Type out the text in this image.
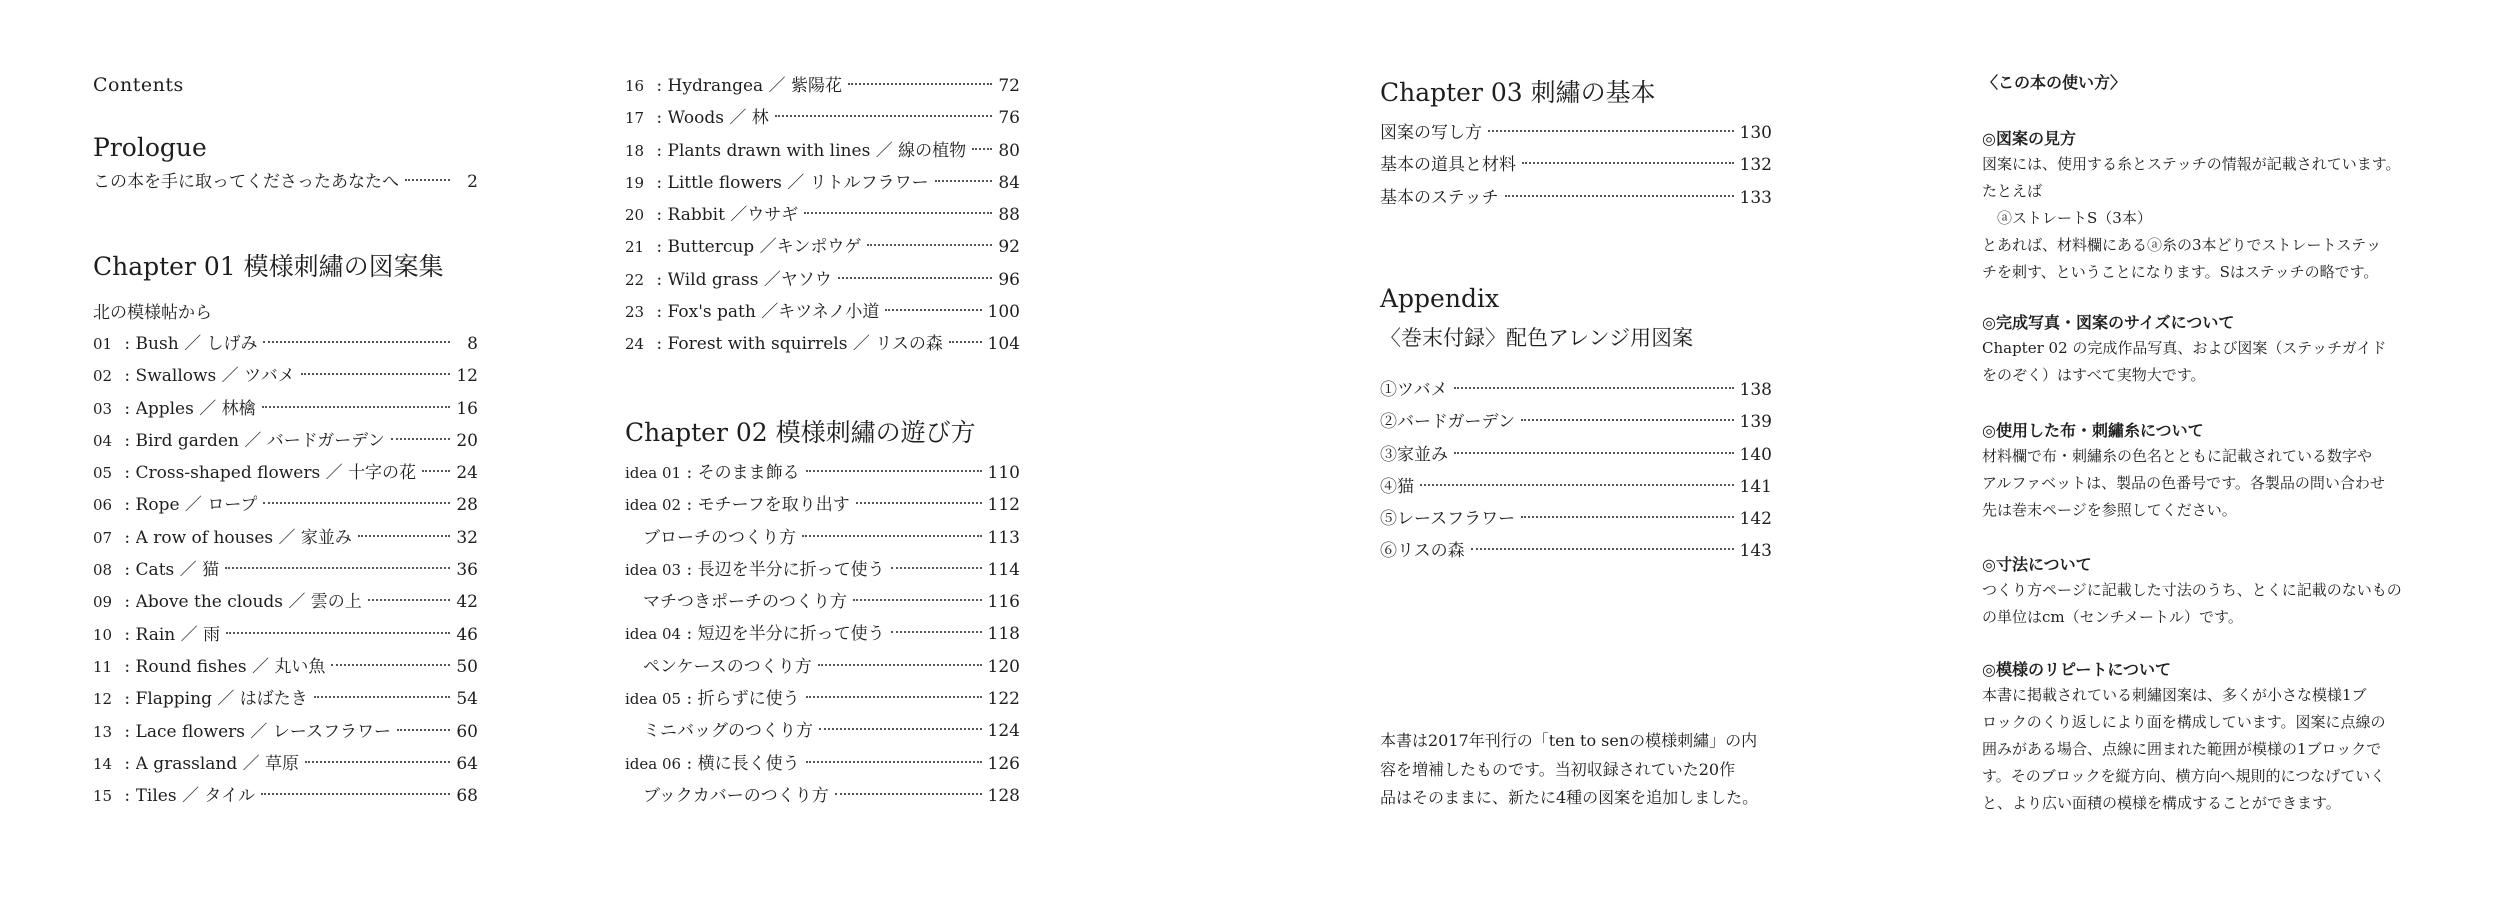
Contents
Prologue
この本を手に取ってくださったあなたへ	2
Chapter 01 模様刺繡の図案集
北の模様帖から
01 : Bush ／ しげみ	8
02 : Swallows ／ ツバメ	12
03 : Apples ／ 林檎	16
04 : Bird garden ／ バードガーデン	20
05 : Cross-shaped flowers ／ 十字の花 24
06 : Rope ／ ロープ	28
07 : A row of houses ／ 家並み	32
08 : Cats ／ 猫	36
09 : Above the clouds ／ 雲の上	42
10 : Rain ／ 雨	46
11 : Round fishes ／ 丸い魚	50
12 : Flapping ／ はばたき	54
13 : Lace flowers ／ レースフラワー	60
14 : A grassland ／ 草原	64
15 : Tiles ／ タイル	68
16 : Hydrangea ／ 紫陽花	72
17 : Woods ／ 林	76
18 : Plants drawn with lines ／ 線の植物 80
19 : Little flowers ／ リトルフラワー	84
20 : Rabbit ／ウサギ	88
21 : Buttercup ／キンポウゲ	92
22 : Wild grass ／ヤソウ	96
23 : Fox's path ／キツネノ小道	100
24 : Forest with squirrels ／ リスの森	104
Chapter 02 模様刺繡の遊び方
idea 01 : そのまま飾る	110
idea 02 : モチーフを取り出す	112
ブローチのつくり方	113
idea 03 : 長辺を半分に折って使う	114
マチつきポーチのつくり方	116
idea 04 : 短辺を半分に折って使う	118
ペンケースのつくり方	120
idea 05 : 折らずに使う	122
ミニバッグのつくり方	124
idea 06 : 横に長く使う	126
ブックカバーのつくり方	128
Chapter 03 刺繡の基本
図案の写し方	130
基本の道具と材料	132
基本のステッチ	133
Appendix
〈巻末付録〉配色アレンジ用図案
①ツバメ	138
②バードガーデン	139
③家並み	140
④猫	141
⑤レースフラワー	142
⑥リスの森	143
本書は2017年刊行の「ten to senの模様刺繡」の内
容を増補したものです。当初収録されていた20作
品はそのままに、新たに4種の図案を追加しました。
〈この本の使い方〉
◎図案の見方

図案には、使用する糸とステッチの情報が記載されています。

たとえば

　ⓐストレートS（3本）

とあれば、材料欄にあるⓐ糸の3本どりでストレートステッ

チを刺す、ということになります。Sはステッチの略です。

◎完成写真・図案のサイズについて

Chapter 02 の完成作品写真、および図案（ステッチガイド

をのぞく）はすべて実物大です。

◎使用した布・刺繡糸について

材料欄で布・刺繡糸の色名とともに記載されている数字や

アルファベットは、製品の色番号です。各製品の問い合わせ

先は巻末ページを参照してください。

◎寸法について

つくり方ページに記載した寸法のうち、とくに記載のないもの

の単位はcm（センチメートル）です。

◎模様のリピートについて

本書に掲載されている刺繡図案は、多くが小さな模様1ブ

ロックのくり返しにより面を構成しています。図案に点線の

囲みがある場合、点線に囲まれた範囲が模様の1ブロックで

す。そのブロックを縦方向、横方向へ規則的につなげていく

と、より広い面積の模様を構成することができます。
